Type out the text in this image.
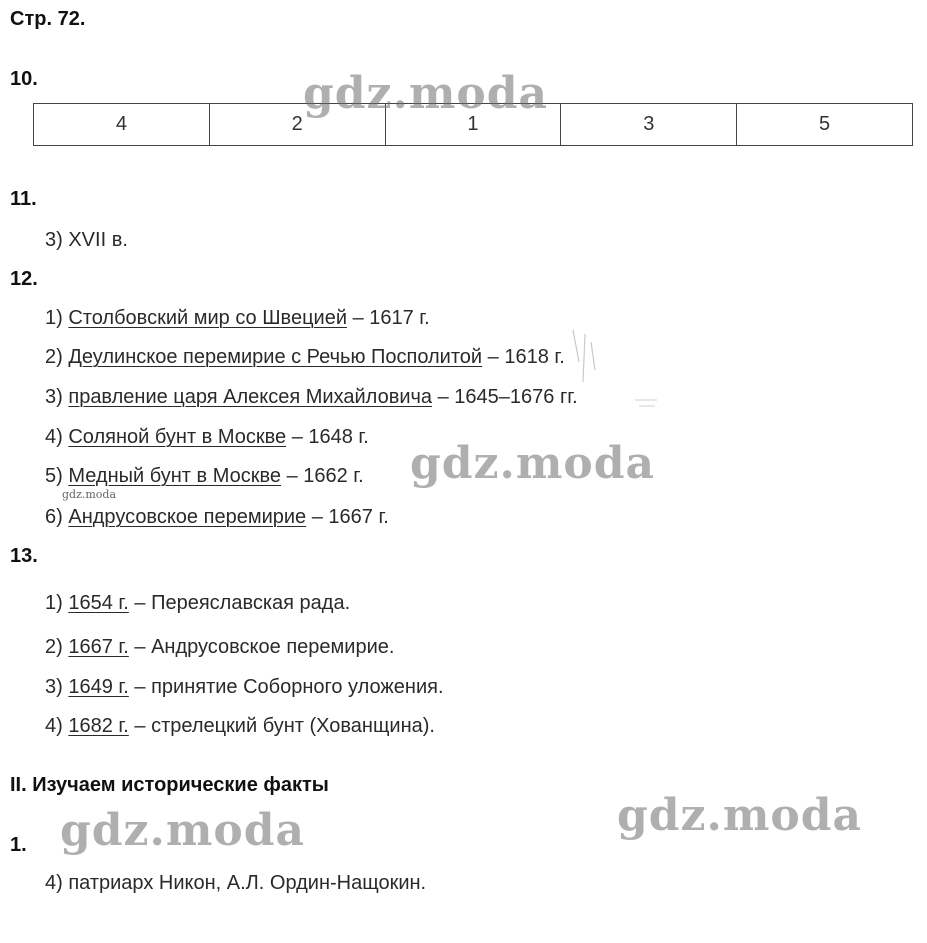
Стр. 72.
10.
4	2	1	3	5
11.
3) XVII в.
12.
1) Столбовский мир со Швецией – 1617 г.
2) Деулинское перемирие с Речью Посполитой – 1618 г.
3) правление царя Алексея Михайловича – 1645–1676 гг.
4) Соляной бунт в Москве – 1648 г.
5) Медный бунт в Москве – 1662 г.
6) Андрусовское перемирие – 1667 г.
13.
1) 1654 г. – Переяславская рада.
2) 1667 г. – Андрусовское перемирие.
3) 1649 г. – принятие Соборного уложения.
4) 1682 г. – стрелецкий бунт (Хованщина).
II. Изучаем исторические факты
1.
4) патриарх Никон, А.Л. Ордин-Нащокин.
gdz.moda
gdz.moda
gdz.moda
gdz.moda
gdz.moda
